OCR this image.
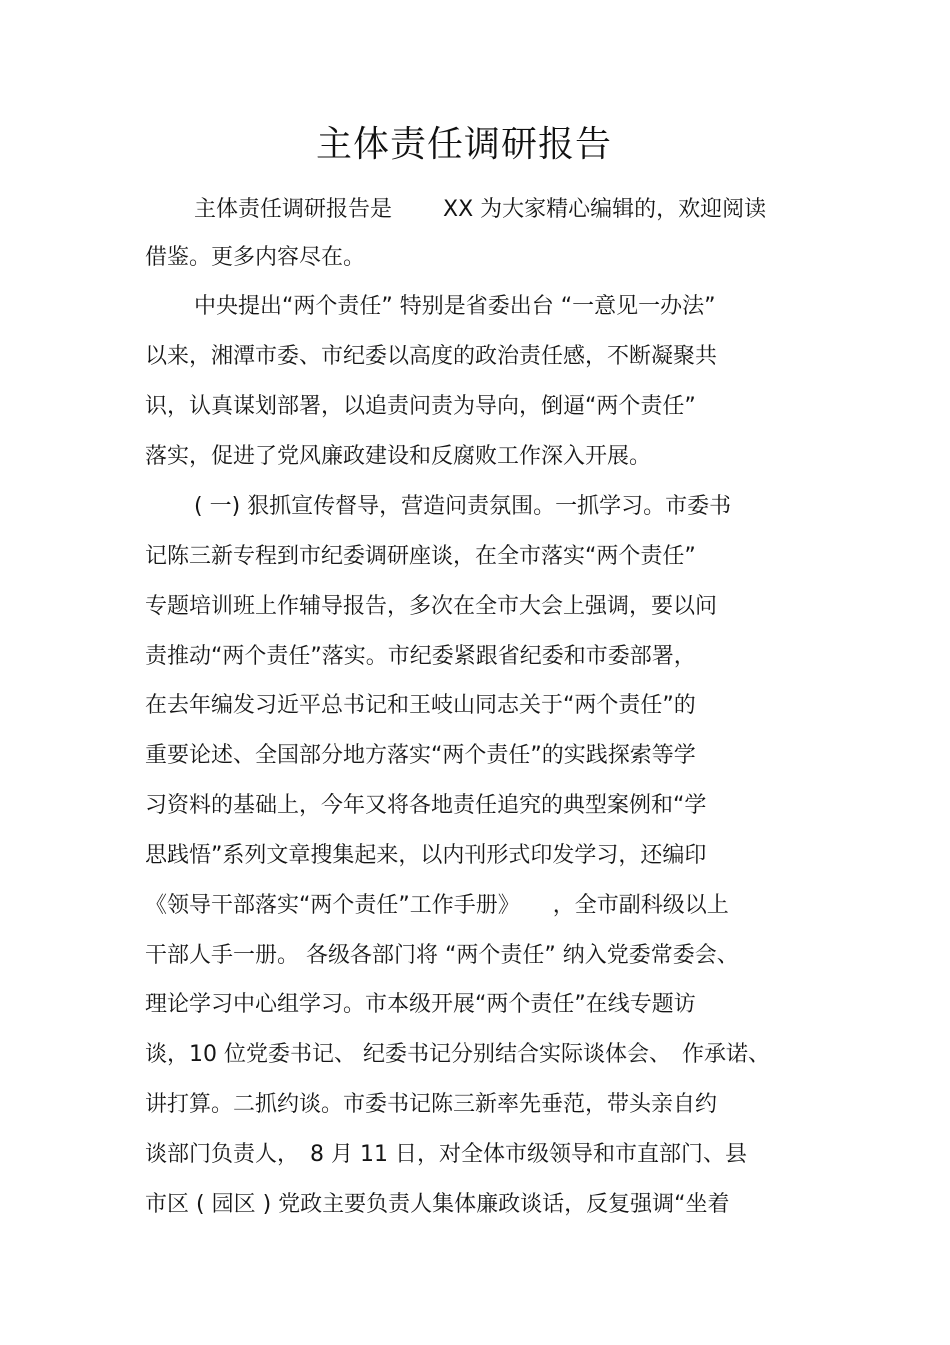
主体责任调研报告
主体责任调研报告是　　 XX 为大家精心编辑的，欢迎阅读
借鉴。更多内容尽在。
中央提出“两个责任” 特别是省委出台 “一意见一办法”
以来，湘潭市委、市纪委以高度的政治责任感，不断凝聚共
识，认真谋划部署，以追责问责为导向，倒逼“两个责任”
落实，促进了党风廉政建设和反腐败工作深入开展。
( 一) 狠抓宣传督导，营造问责氛围。一抓学习。市委书
记陈三新专程到市纪委调研座谈，在全市落实“两个责任”
专题培训班上作辅导报告，多次在全市大会上强调，要以问
责推动“两个责任”落实。市纪委紧跟省纪委和市委部署，
在去年编发习近平总书记和王岐山同志关于“两个责任”的
重要论述、全国部分地方落实“两个责任”的实践探索等学
习资料的基础上，今年又将各地责任追究的典型案例和“学
思践悟”系列文章搜集起来，以内刊形式印发学习，还编印
《领导干部落实“两个责任”工作手册》　　，全市副科级以上
干部人手一册。 各级各部门将 “两个责任” 纳入党委常委会、
理论学习中心组学习。市本级开展“两个责任”在线专题访
谈，10 位党委书记、 纪委书记分别结合实际谈体会、　作承诺、
讲打算。二抓约谈。市委书记陈三新率先垂范，带头亲自约
谈部门负责人，　8 月 11 日，对全体市级领导和市直部门、县
市区 ( 园区 ) 党政主要负责人集体廉政谈话，反复强调“坐着
